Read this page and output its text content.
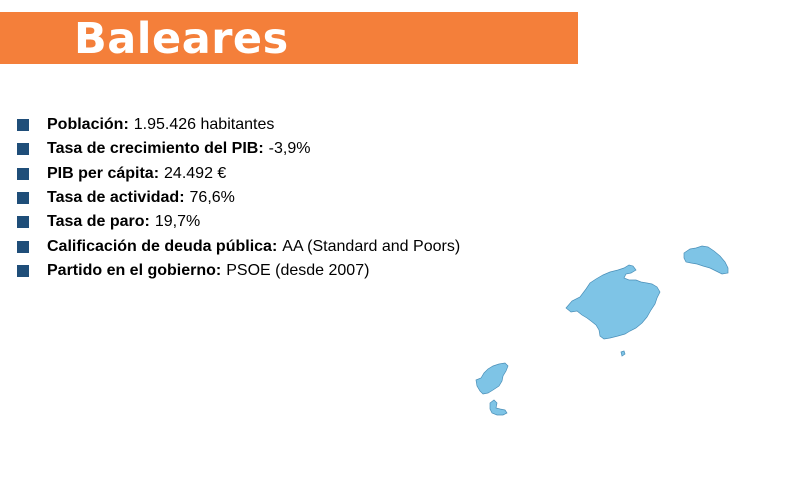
Baleares
Población: 1.95.426 habitantes
Tasa de crecimiento del PIB: -3,9%
PIB per cápita: 24.492 €
Tasa de actividad: 76,6%
Tasa de paro: 19,7%
Calificación de deuda pública: AA (Standard and Poors)
Partido en el gobierno: PSOE (desde 2007)
